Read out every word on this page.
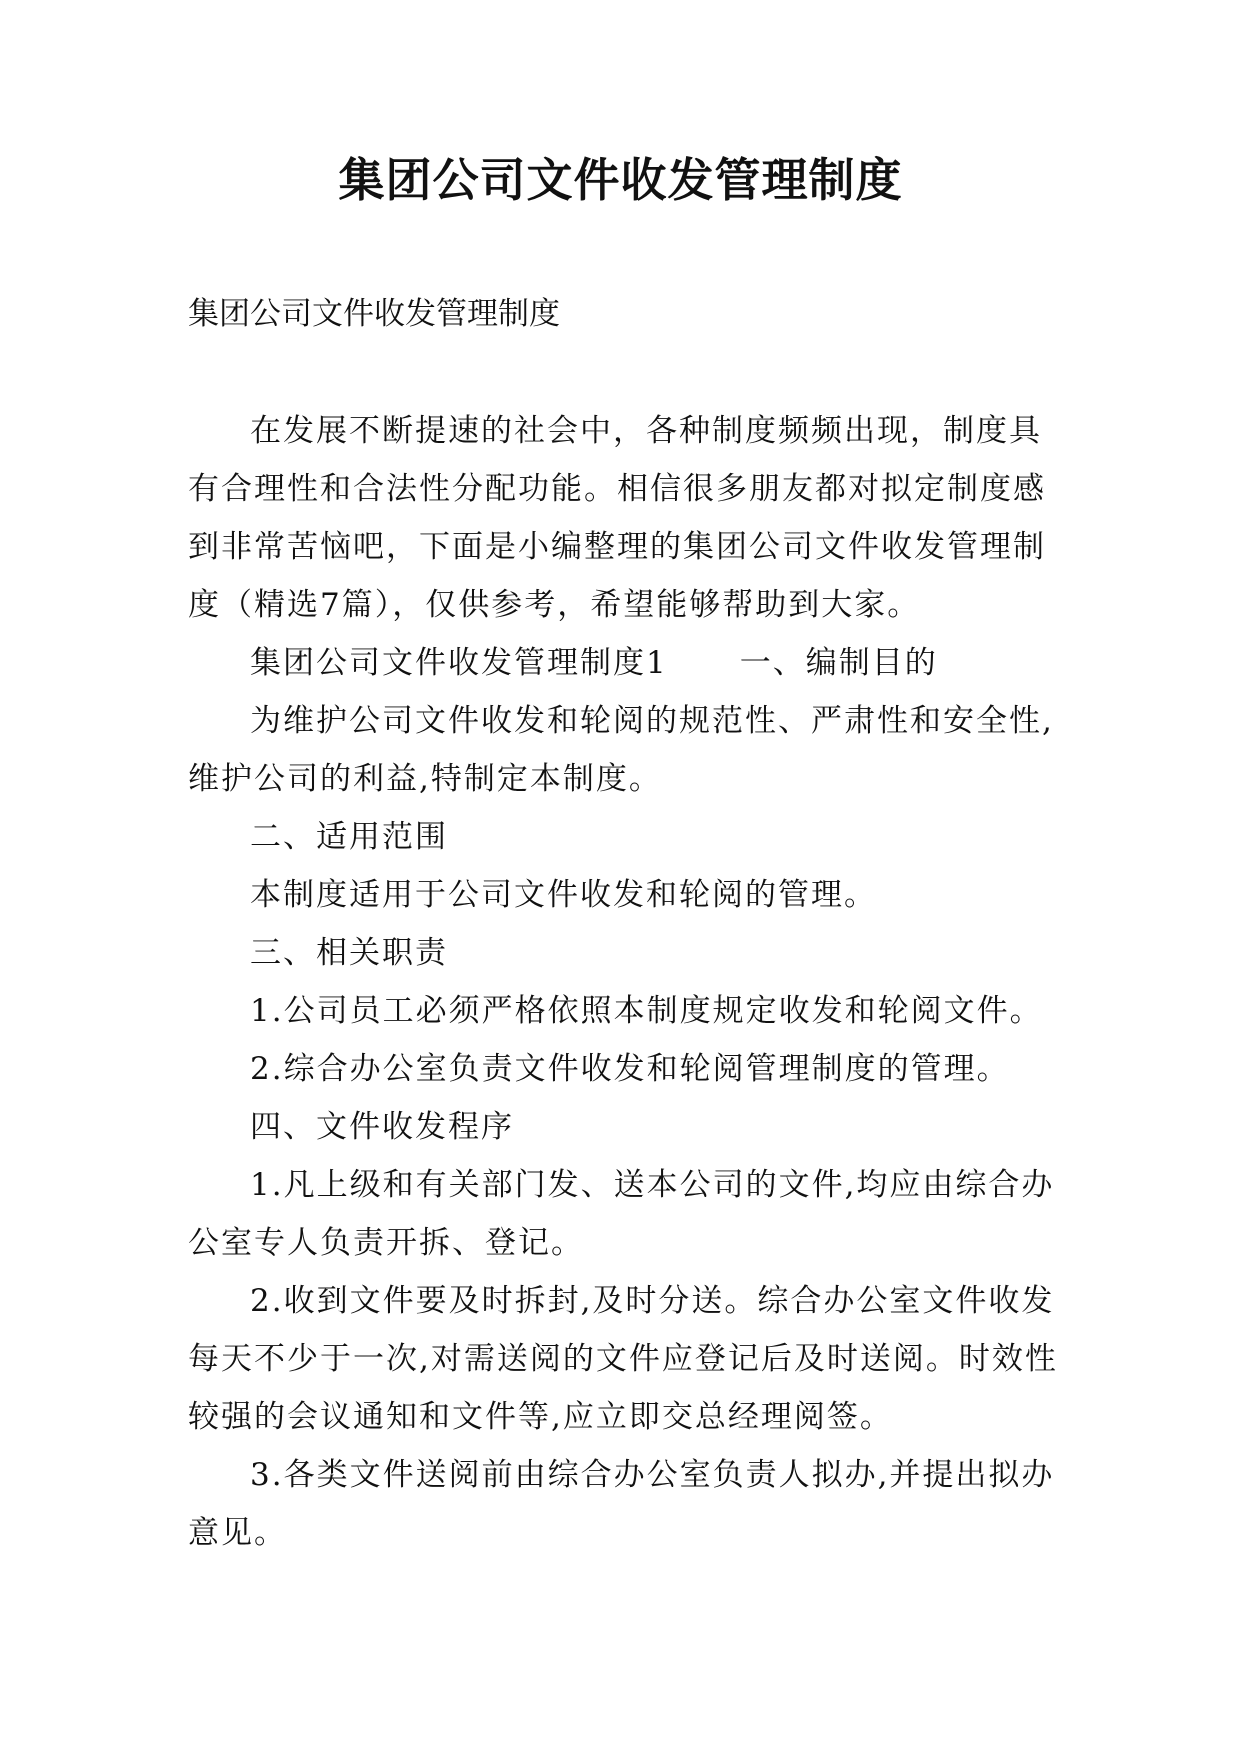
集团公司文件收发管理制度
集团公司文件收发管理制度

在发展不断提速的社会中，各种制度频频出现，制度具有合理性和合法性分配功能。相信很多朋友都对拟定制度感到非常苦恼吧，下面是小编整理的集团公司文件收发管理制度（精选7篇），仅供参考，希望能够帮助到大家。

集团公司文件收发管理制度1 一、编制目的

为维护公司文件收发和轮阅的规范性、严肃性和安全性,维护公司的利益,特制定本制度。

二、适用范围

本制度适用于公司文件收发和轮阅的管理。

三、相关职责

1.公司员工必须严格依照本制度规定收发和轮阅文件。

2.综合办公室负责文件收发和轮阅管理制度的管理。

四、文件收发程序

1.凡上级和有关部门发、送本公司的文件,均应由综合办公室专人负责开拆、登记。

2.收到文件要及时拆封,及时分送。综合办公室文件收发每天不少于一次,对需送阅的文件应登记后及时送阅。时效性较强的会议通知和文件等,应立即交总经理阅签。

3.各类文件送阅前由综合办公室负责人拟办,并提出拟办意见。
